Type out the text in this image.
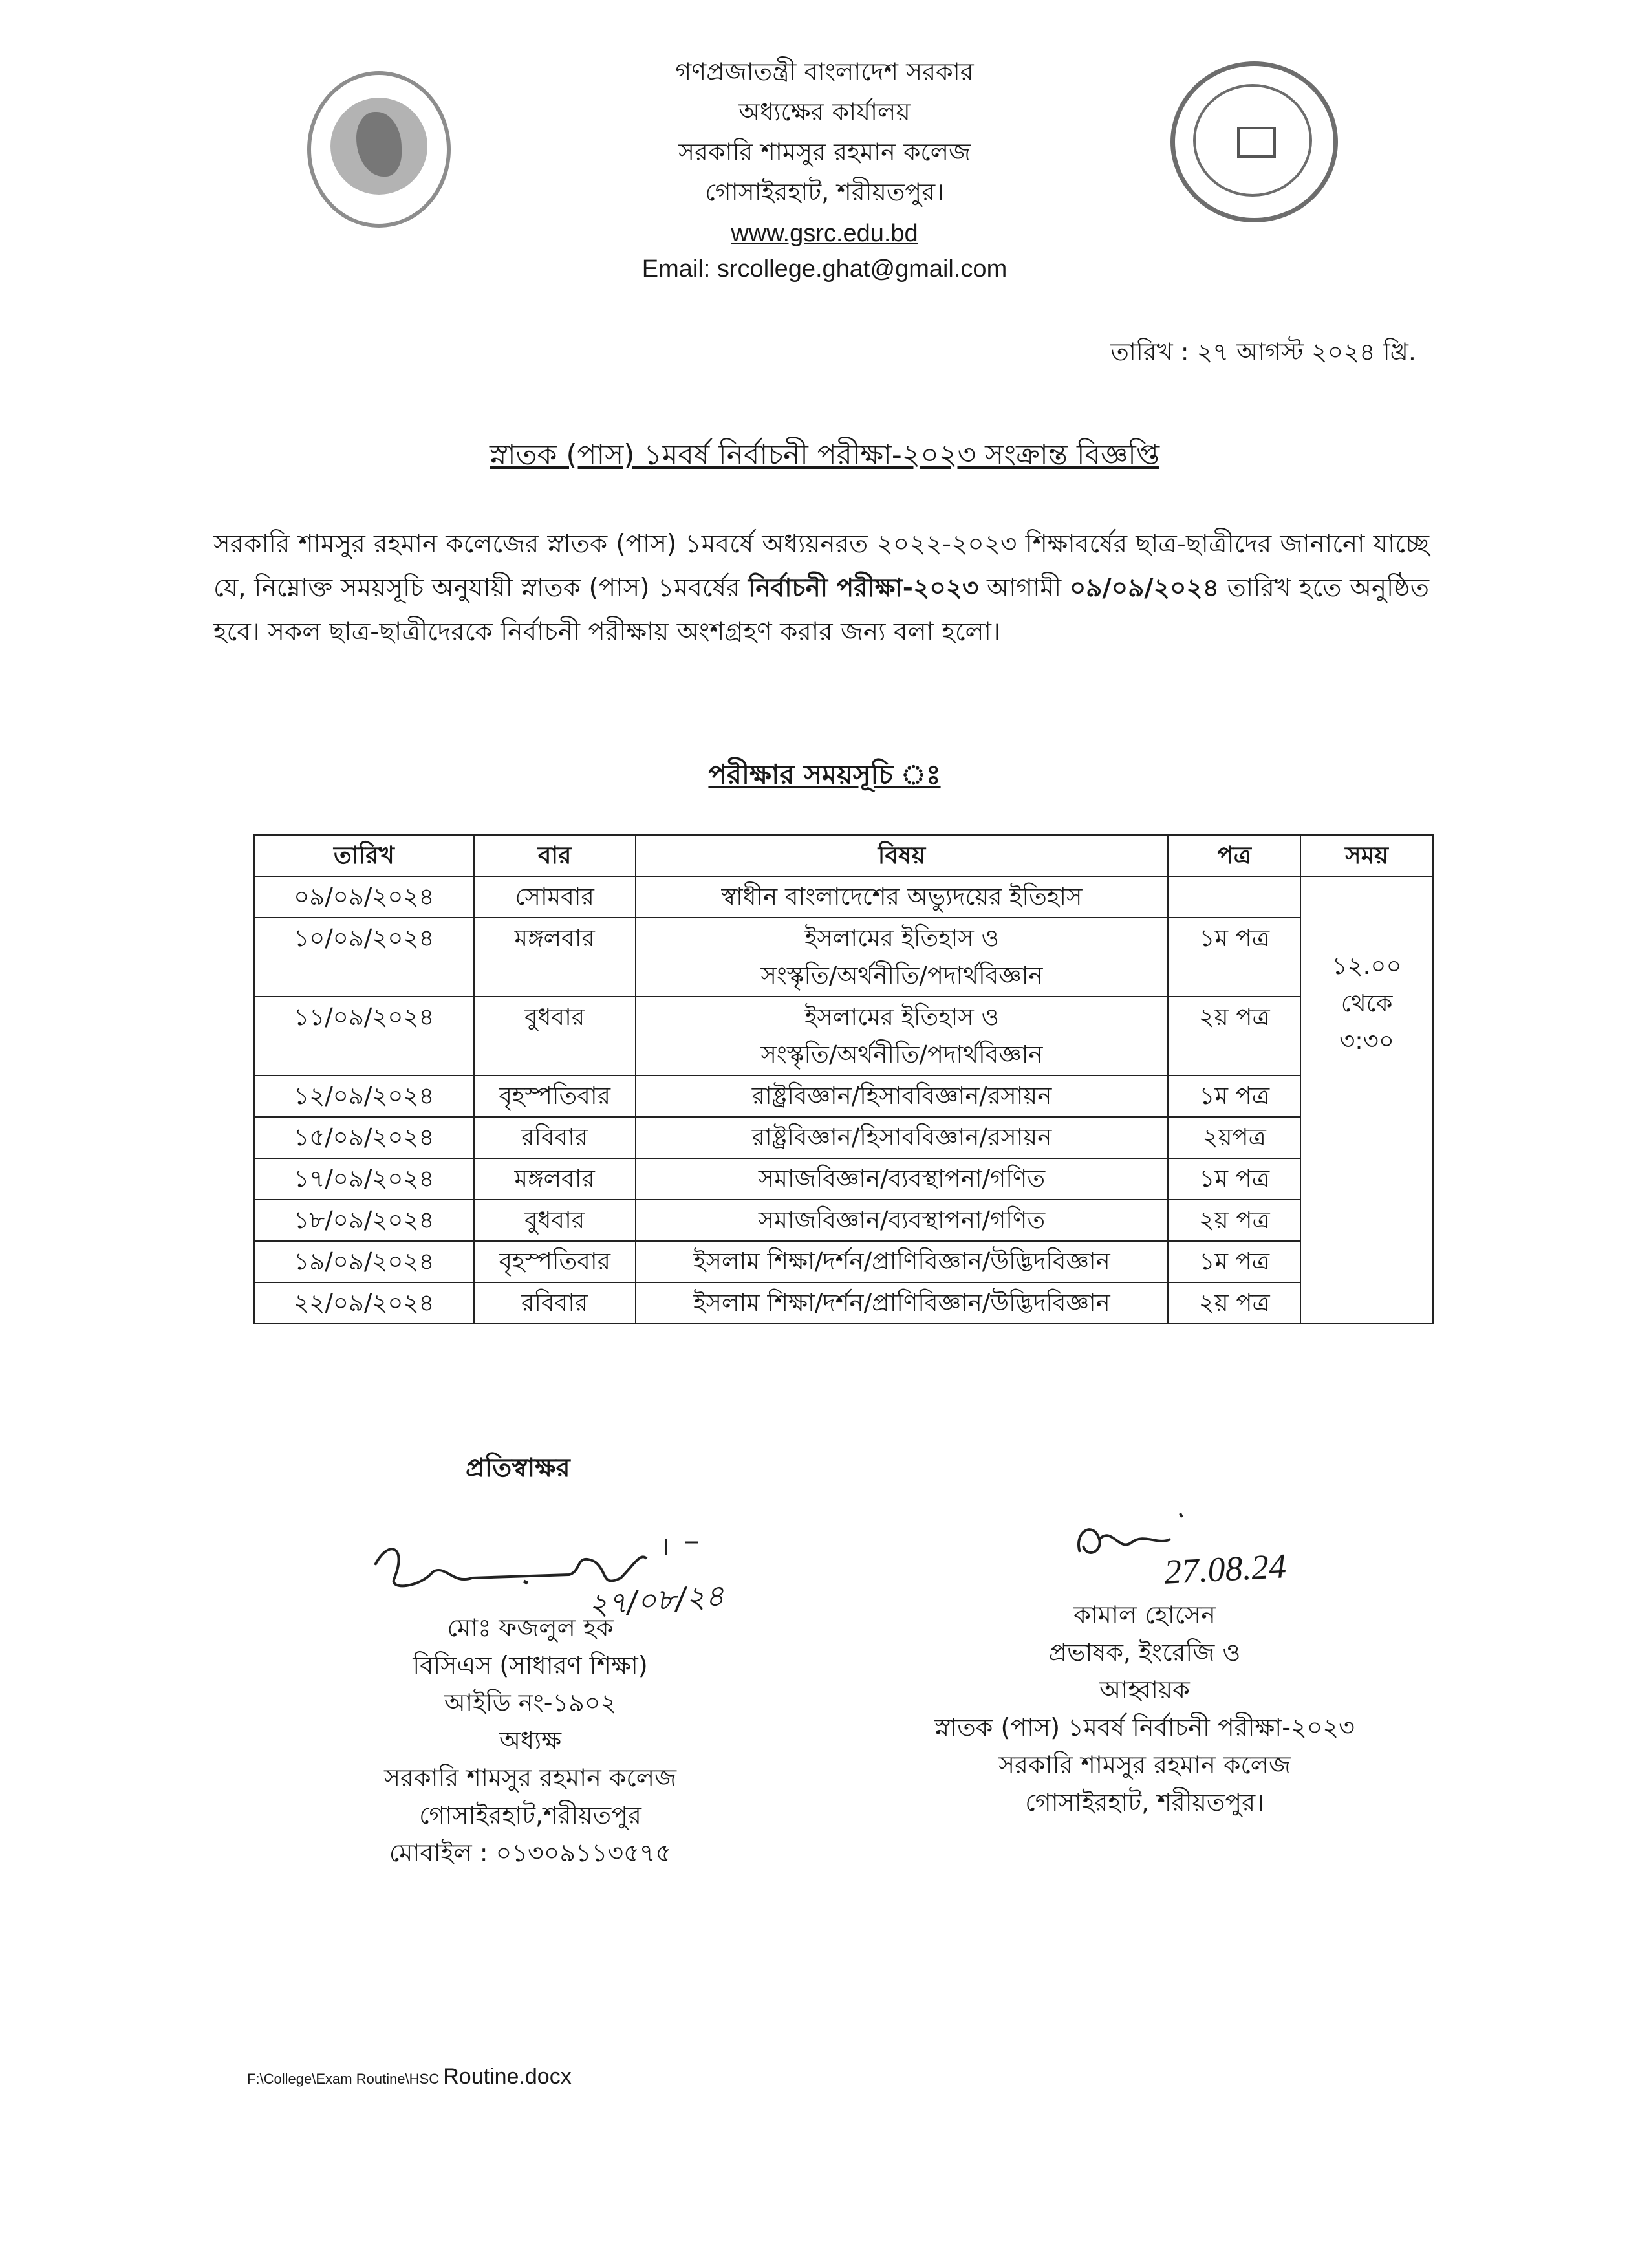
গণপ্রজাতন্ত্রী বাংলাদেশ সরকার
অধ্যক্ষের কার্যালয়
সরকারি শামসুর রহমান কলেজ
গোসাইরহাট, শরীয়তপুর।
www.gsrc.edu.bd
Email: srcollege.ghat@gmail.com
তারিখ : ২৭ আগস্ট ২০২৪ খ্রি.
স্নাতক (পাস) ১মবর্ষ নির্বাচনী পরীক্ষা-২০২৩ সংক্রান্ত বিজ্ঞপ্তি
সরকারি শামসুর রহমান কলেজের স্নাতক (পাস) ১মবর্ষে অধ্যয়নরত ২০২২-২০২৩ শিক্ষাবর্ষের ছাত্র-ছাত্রীদের জানানো যাচ্ছে যে, নিম্নোক্ত সময়সূচি অনুযায়ী স্নাতক (পাস) ১মবর্ষের নির্বাচনী পরীক্ষা-২০২৩ আগামী ০৯/০৯/২০২৪ তারিখ হতে অনুষ্ঠিত হবে। সকল ছাত্র-ছাত্রীদেরকে নির্বাচনী পরীক্ষায় অংশগ্রহণ করার জন্য বলা হলো।
পরীক্ষার সময়সূচি ঃ
তারিখ	বার	বিষয়	পত্র	সময়
০৯/০৯/২০২৪	সোমবার	স্বাধীন বাংলাদেশের অভ্যুদয়ের ইতিহাস		১২.০০
থেকে
৩:৩০
১০/০৯/২০২৪	মঙ্গলবার	ইসলামের ইতিহাস ও
সংস্কৃতি/অর্থনীতি/পদার্থবিজ্ঞান	১ম পত্র	
১১/০৯/২০২৪	বুধবার	ইসলামের ইতিহাস ও
সংস্কৃতি/অর্থনীতি/পদার্থবিজ্ঞান	২য় পত্র	
১২/০৯/২০২৪	বৃহস্পতিবার	রাষ্ট্রবিজ্ঞান/হিসাববিজ্ঞান/রসায়ন	১ম পত্র	
১৫/০৯/২০২৪	রবিবার	রাষ্ট্রবিজ্ঞান/হিসাববিজ্ঞান/রসায়ন	২য়পত্র	
১৭/০৯/২০২৪	মঙ্গলবার	সমাজবিজ্ঞান/ব্যবস্থাপনা/গণিত	১ম পত্র	
১৮/০৯/২০২৪	বুধবার	সমাজবিজ্ঞান/ব্যবস্থাপনা/গণিত	২য় পত্র	
১৯/০৯/২০২৪	বৃহস্পতিবার	ইসলাম শিক্ষা/দর্শন/প্রাণিবিজ্ঞান/উদ্ভিদবিজ্ঞান	১ম পত্র	
২২/০৯/২০২৪	রবিবার	ইসলাম শিক্ষা/দর্শন/প্রাণিবিজ্ঞান/উদ্ভিদবিজ্ঞান	২য় পত্র	
প্রতিস্বাক্ষর
২৭/০৮/২৪
মোঃ ফজলুল হক
বিসিএস (সাধারণ শিক্ষা)
আইডি নং-১৯০২
অধ্যক্ষ
সরকারি শামসুর রহমান কলেজ
গোসাইরহাট,শরীয়তপুর
মোবাইল : ০১৩০৯১১৩৫৭৫
27.08.24
কামাল হোসেন
প্রভাষক, ইংরেজি ও
আহ্বায়ক
স্নাতক (পাস) ১মবর্ষ নির্বাচনী পরীক্ষা-২০২৩
সরকারি শামসুর রহমান কলেজ
গোসাইরহাট, শরীয়তপুর।
F:\College\Exam Routine\HSC Routine.docx
